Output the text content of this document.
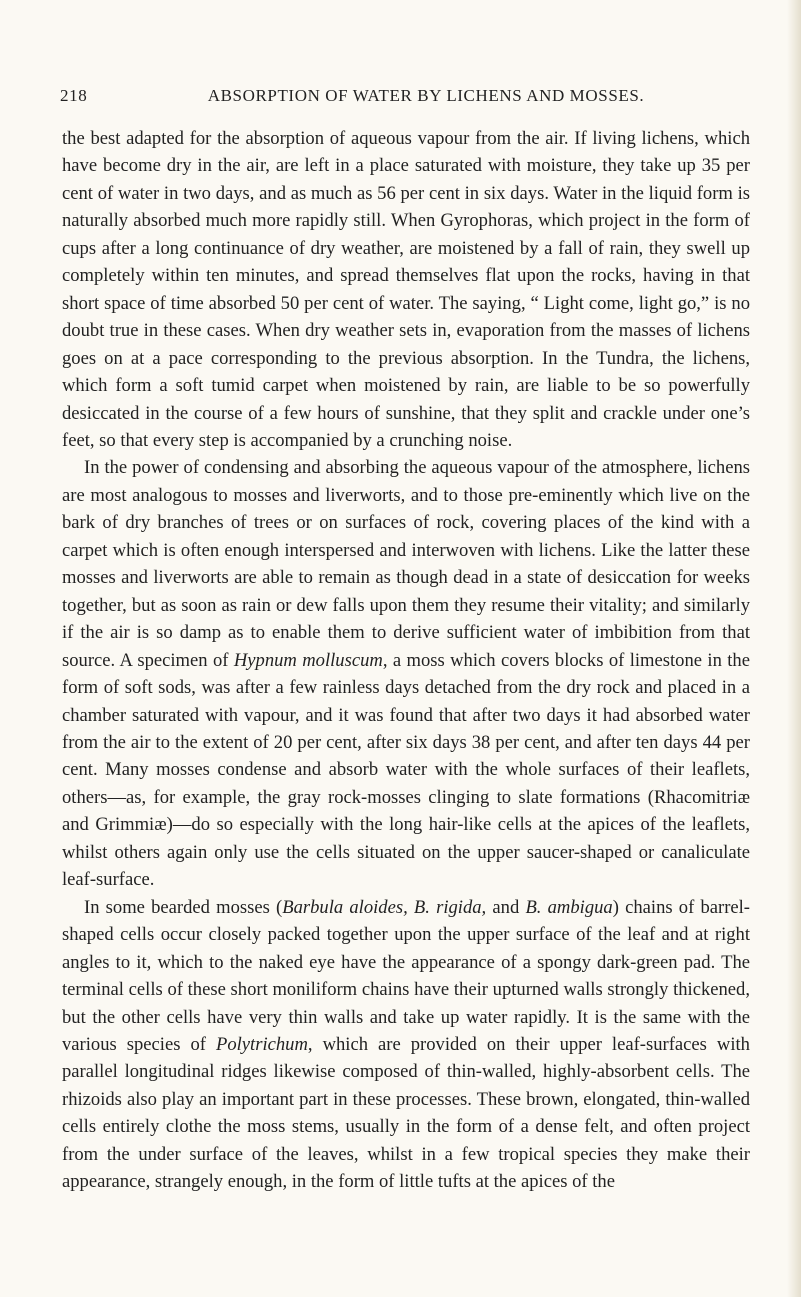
218	ABSORPTION OF WATER BY LICHENS AND MOSSES.

the best adapted for the absorption of aqueous vapour from the air. If living lichens, which have become dry in the air, are left in a place saturated with moisture, they take up 35 per cent of water in two days, and as much as 56 per cent in six days. Water in the liquid form is naturally absorbed much more rapidly still. When Gyrophoras, which project in the form of cups after a long continuance of dry weather, are moistened by a fall of rain, they swell up completely within ten minutes, and spread themselves flat upon the rocks, having in that short space of time absorbed 50 per cent of water. The saying, “ Light come, light go,” is no doubt true in these cases. When dry weather sets in, evaporation from the masses of lichens goes on at a pace corresponding to the previous absorption. In the Tundra, the lichens, which form a soft tumid carpet when moistened by rain, are liable to be so powerfully desiccated in the course of a few hours of sunshine, that they split and crackle under one’s feet, so that every step is accompanied by a crunching noise.

In the power of condensing and absorbing the aqueous vapour of the atmosphere, lichens are most analogous to mosses and liverworts, and to those pre-eminently which live on the bark of dry branches of trees or on surfaces of rock, covering places of the kind with a carpet which is often enough interspersed and interwoven with lichens. Like the latter these mosses and liverworts are able to remain as though dead in a state of desiccation for weeks together, but as soon as rain or dew falls upon them they resume their vitality; and similarly if the air is so damp as to enable them to derive sufficient water of imbibition from that source. A specimen of Hypnum molluscum, a moss which covers blocks of limestone in the form of soft sods, was after a few rainless days detached from the dry rock and placed in a chamber saturated with vapour, and it was found that after two days it had absorbed water from the air to the extent of 20 per cent, after six days 38 per cent, and after ten days 44 per cent. Many mosses condense and absorb water with the whole surfaces of their leaflets, others—as, for example, the gray rock-mosses clinging to slate formations (Rhacomitriæ and Grimmiæ)—do so especially with the long hair-like cells at the apices of the leaflets, whilst others again only use the cells situated on the upper saucer-shaped or canaliculate leaf-surface.

In some bearded mosses (Barbula aloides, B. rigida, and B. ambigua) chains of barrel-shaped cells occur closely packed together upon the upper surface of the leaf and at right angles to it, which to the naked eye have the appearance of a spongy dark-green pad. The terminal cells of these short moniliform chains have their upturned walls strongly thickened, but the other cells have very thin walls and take up water rapidly. It is the same with the various species of Polytrichum, which are provided on their upper leaf-surfaces with parallel longitudinal ridges likewise composed of thin-walled, highly-absorbent cells. The rhizoids also play an important part in these processes. These brown, elongated, thin-walled cells entirely clothe the moss stems, usually in the form of a dense felt, and often project from the under surface of the leaves, whilst in a few tropical species they make their appearance, strangely enough, in the form of little tufts at the apices of the
